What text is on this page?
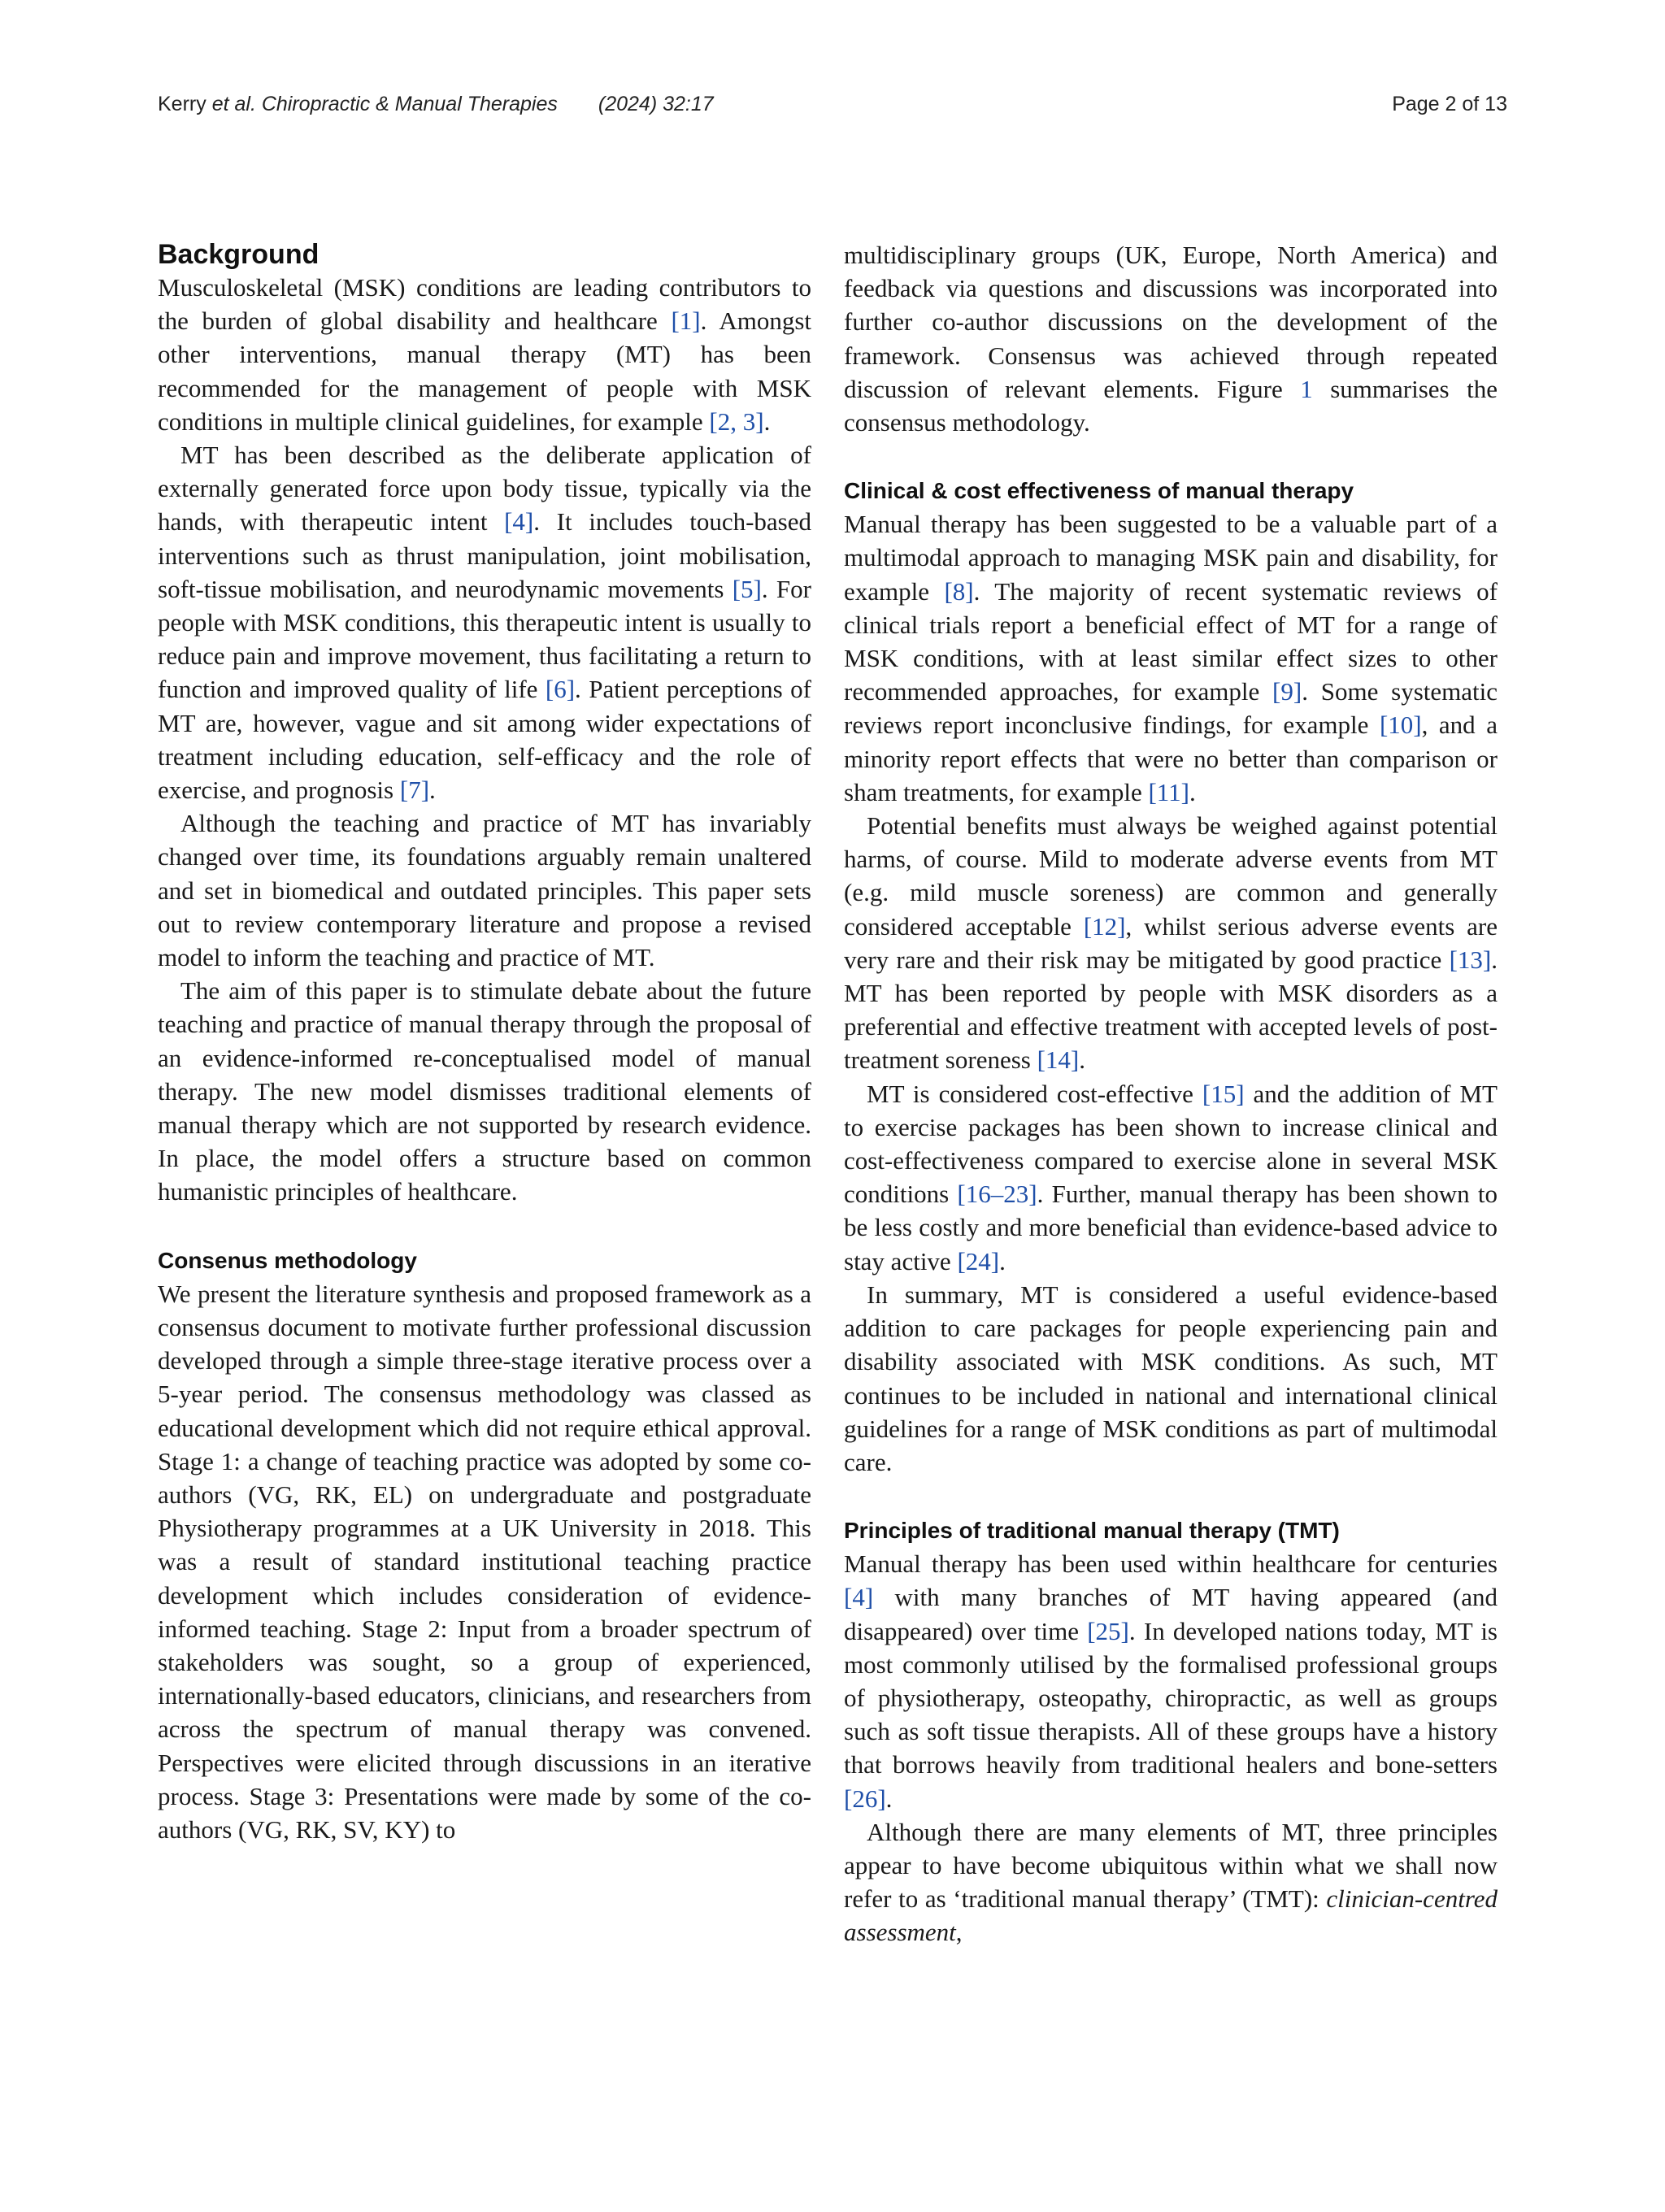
Kerry et al. Chiropractic & Manual Therapies (2024) 32:17	Page 2 of 13
Background

Musculoskeletal (MSK) conditions are leading contributors to the burden of global disability and healthcare [1]. Amongst other interventions, manual therapy (MT) has been recommended for the management of people with MSK conditions in multiple clinical guidelines, for example [2, 3].

MT has been described as the deliberate application of externally generated force upon body tissue, typically via the hands, with therapeutic intent [4]. It includes touch-based interventions such as thrust manipulation, joint mobilisation, soft-tissue mobilisation, and neurodynamic movements [5]. For people with MSK conditions, this therapeutic intent is usually to reduce pain and improve movement, thus facilitating a return to function and improved quality of life [6]. Patient perceptions of MT are, however, vague and sit among wider expectations of treatment including education, self-efficacy and the role of exercise, and prognosis [7].

Although the teaching and practice of MT has invariably changed over time, its foundations arguably remain unaltered and set in biomedical and outdated principles. This paper sets out to review contemporary literature and propose a revised model to inform the teaching and practice of MT.

The aim of this paper is to stimulate debate about the future teaching and practice of manual therapy through the proposal of an evidence-informed re-conceptualised model of manual therapy. The new model dismisses traditional elements of manual therapy which are not supported by research evidence. In place, the model offers a structure based on common humanistic principles of healthcare.

Consenus methodology

We present the literature synthesis and proposed framework as a consensus document to motivate further professional discussion developed through a simple three-stage iterative process over a 5-year period. The consensus methodology was classed as educational development which did not require ethical approval. Stage 1: a change of teaching practice was adopted by some co-authors (VG, RK, EL) on undergraduate and postgraduate Physiotherapy programmes at a UK University in 2018. This was a result of standard institutional teaching practice development which includes consideration of evidence-informed teaching. Stage 2: Input from a broader spectrum of stakeholders was sought, so a group of experienced, internationally-based educators, clinicians, and researchers from across the spectrum of manual therapy was convened. Perspectives were elicited through discussions in an iterative process. Stage 3: Presentations were made by some of the co-authors (VG, RK, SV, KY) to

multidisciplinary groups (UK, Europe, North America) and feedback via questions and discussions was incorporated into further co-author discussions on the development of the framework. Consensus was achieved through repeated discussion of relevant elements. Figure 1 summarises the consensus methodology.

Clinical & cost effectiveness of manual therapy

Manual therapy has been suggested to be a valuable part of a multimodal approach to managing MSK pain and disability, for example [8]. The majority of recent systematic reviews of clinical trials report a beneficial effect of MT for a range of MSK conditions, with at least similar effect sizes to other recommended approaches, for example [9]. Some systematic reviews report inconclusive findings, for example [10], and a minority report effects that were no better than comparison or sham treatments, for example [11].

Potential benefits must always be weighed against potential harms, of course. Mild to moderate adverse events from MT (e.g. mild muscle soreness) are common and generally considered acceptable [12], whilst serious adverse events are very rare and their risk may be mitigated by good practice [13]. MT has been reported by people with MSK disorders as a preferential and effective treatment with accepted levels of post-treatment soreness [14].

MT is considered cost-effective [15] and the addition of MT to exercise packages has been shown to increase clinical and cost-effectiveness compared to exercise alone in several MSK conditions [16–23]. Further, manual therapy has been shown to be less costly and more beneficial than evidence-based advice to stay active [24].

In summary, MT is considered a useful evidence-based addition to care packages for people experiencing pain and disability associated with MSK conditions. As such, MT continues to be included in national and international clinical guidelines for a range of MSK conditions as part of multimodal care.

Principles of traditional manual therapy (TMT)

Manual therapy has been used within healthcare for centuries [4] with many branches of MT having appeared (and disappeared) over time [25]. In developed nations today, MT is most commonly utilised by the formalised professional groups of physiotherapy, osteopathy, chiropractic, as well as groups such as soft tissue therapists. All of these groups have a history that borrows heavily from traditional healers and bone-setters [26].

Although there are many elements of MT, three principles appear to have become ubiquitous within what we shall now refer to as ‘traditional manual therapy’ (TMT): clinician-centred assessment,
